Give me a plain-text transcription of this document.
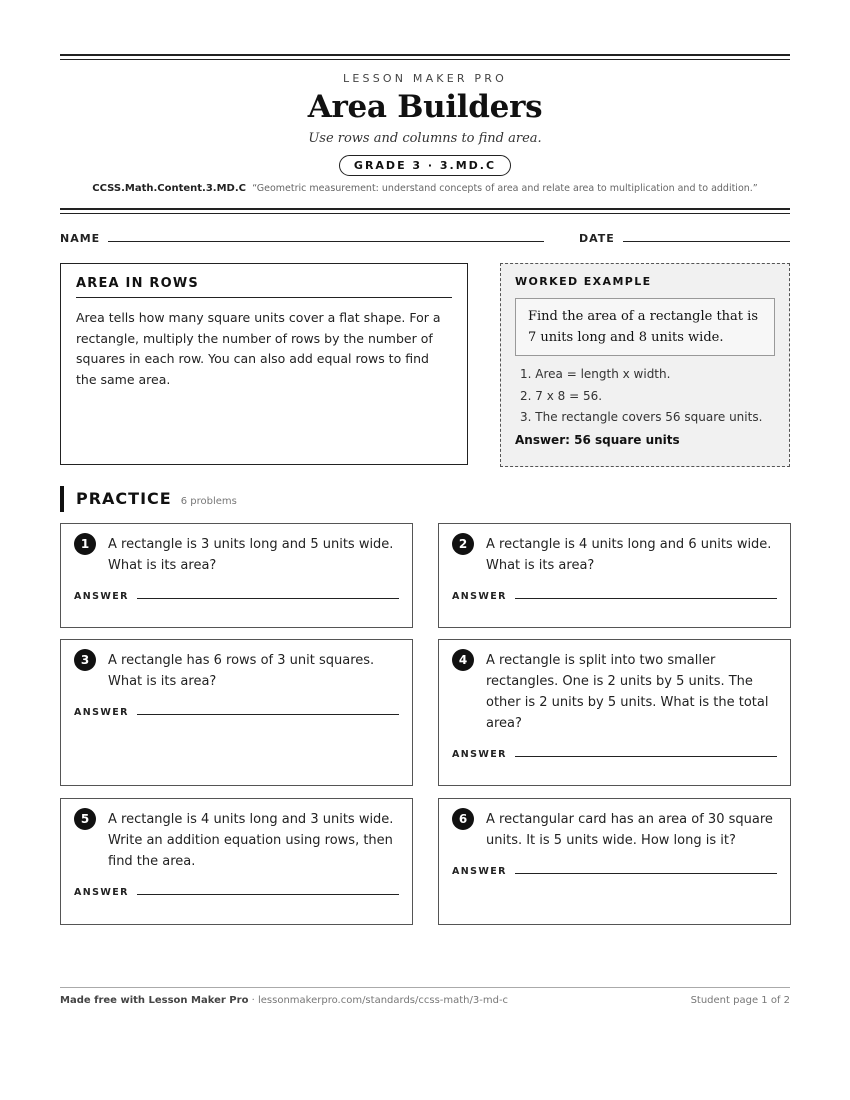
LESSON MAKER PRO
Area Builders
Use rows and columns to find area.
GRADE 3 · 3.MD.C
CCSS.Math.Content.3.MD.C “Geometric measurement: understand concepts of area and relate area to multiplication and to addition.”
NAME	DATE
AREA IN ROWS
Area tells how many square units cover a flat shape. For a rectangle, multiply the number of rows by the number of squares in each row. You can also add equal rows to find the same area.
WORKED EXAMPLE
Find the area of a rectangle that is 7 units long and 8 units wide.
1. Area = length x width.
2. 7 x 8 = 56.
3. The rectangle covers 56 square units.
Answer: 56 square units
PRACTICE 6 problems
1	A rectangle is 3 units long and 5 units wide. What is its area?
ANSWER
2	A rectangle is 4 units long and 6 units wide. What is its area?
ANSWER
3	A rectangle has 6 rows of 3 unit squares. What is its area?
ANSWER
4	A rectangle is split into two smaller rectangles. One is 2 units by 5 units. The other is 2 units by 5 units. What is the total area?
ANSWER
5	A rectangle is 4 units long and 3 units wide. Write an addition equation using rows, then find the area.
ANSWER
6	A rectangular card has an area of 30 square units. It is 5 units wide. How long is it?
ANSWER
Made free with Lesson Maker Pro · lessonmakerpro.com/standards/ccss-math/3-md-c	Student page 1 of 2
